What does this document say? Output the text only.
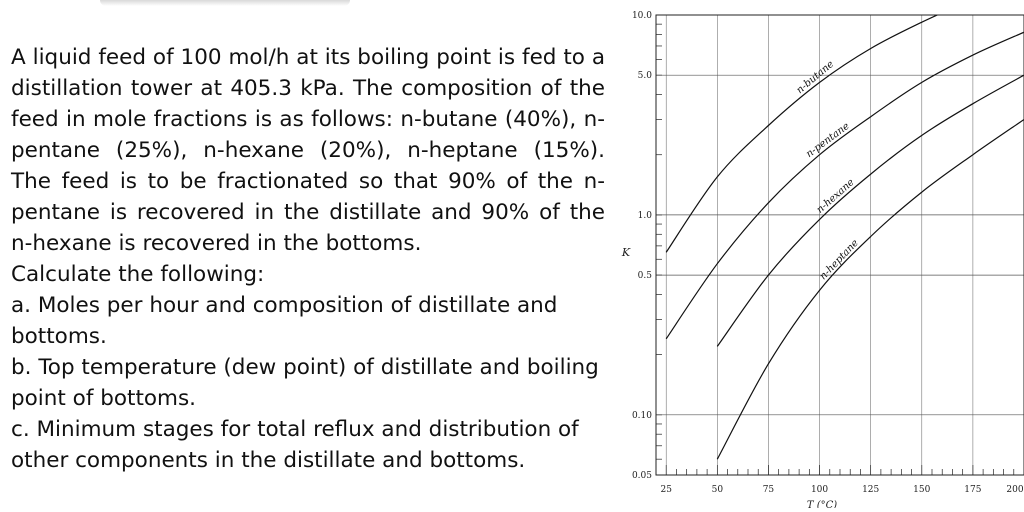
A liquid feed of 100 mol/h at its boiling point is fed to a distillation tower at 405.3 kPa. The composition of the feed in mole fractions is as follows: n-butane (40%), n-pentane (25%), n-hexane (20%), n-heptane (15%). The feed is to be fractionated so that 90% of the n-pentane is recovered in the distillate and 90% of the n-hexane is recovered in the bottoms.

Calculate the following:

a. Moles per hour and composition of distillate and bottoms.

b. Top temperature (dew point) of distillate and boiling point of bottoms.

c. Minimum stages for total reflux and distribution of other components in the distillate and bottoms.

n-butane
n-pentane
n-hexane
n-heptane
25	50	75	100	125	150	175	200
10.0
5.0
1.0
0.5
0.10
0.05
K
T (°C)
